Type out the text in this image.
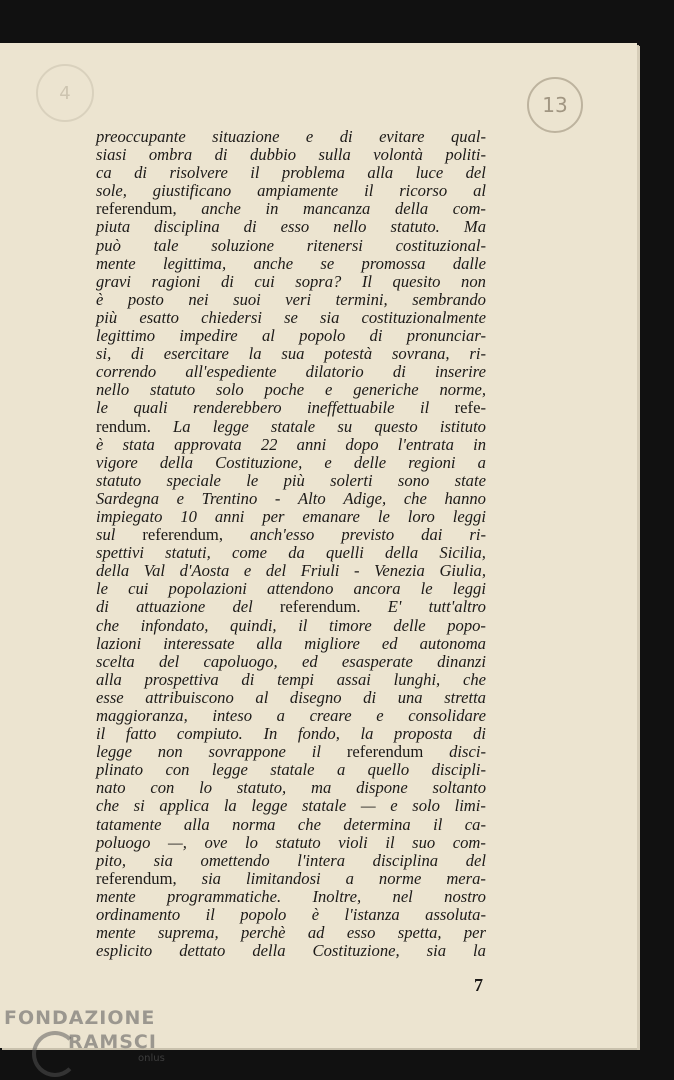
4	13
preoccupante situazione e di evitare qual-
siasi ombra di dubbio sulla volontà politi-
ca di risolvere il problema alla luce del
sole, giustificano ampiamente il ricorso al
referendum, anche in mancanza della com-
piuta disciplina di esso nello statuto. Ma
può tale soluzione ritenersi costituzional-
mente legittima, anche se promossa dalle
gravi ragioni di cui sopra? Il quesito non
è posto nei suoi veri termini, sembrando
più esatto chiedersi se sia costituzionalmente
legittimo impedire al popolo di pronunciar-
si, di esercitare la sua potestà sovrana, ri-
correndo all'espediente dilatorio di inserire
nello statuto solo poche e generiche norme,
le quali renderebbero ineffettuabile il refe-
rendum. La legge statale su questo istituto
è stata approvata 22 anni dopo l'entrata in
vigore della Costituzione, e delle regioni a
statuto speciale le più solerti sono state
Sardegna e Trentino - Alto Adige, che hanno
impiegato 10 anni per emanare le loro leggi
sul referendum, anch'esso previsto dai ri-
spettivi statuti, come da quelli della Sicilia,
della Val d'Aosta e del Friuli - Venezia Giulia,
le cui popolazioni attendono ancora le leggi
di attuazione del referendum. E' tutt'altro
che infondato, quindi, il timore delle popo-
lazioni interessate alla migliore ed autonoma
scelta del capoluogo, ed esasperate dinanzi
alla prospettiva di tempi assai lunghi, che
esse attribuiscono al disegno di una stretta
maggioranza, inteso a creare e consolidare
il fatto compiuto. In fondo, la proposta di
legge non sovrappone il referendum disci-
plinato con legge statale a quello discipli-
nato con lo statuto, ma dispone soltanto
che si applica la legge statale — e solo limi-
tatamente alla norma che determina il ca-
poluogo —, ove lo statuto violi il suo com-
pito, sia omettendo l'intera disciplina del
referendum, sia limitandosi a norme mera-
mente programmatiche. Inoltre, nel nostro
ordinamento il popolo è l'istanza assoluta-
mente suprema, perchè ad esso spetta, per
esplicito dettato della Costituzione, sia la
7
FONDAZIONE
RAMSCI
onlus
